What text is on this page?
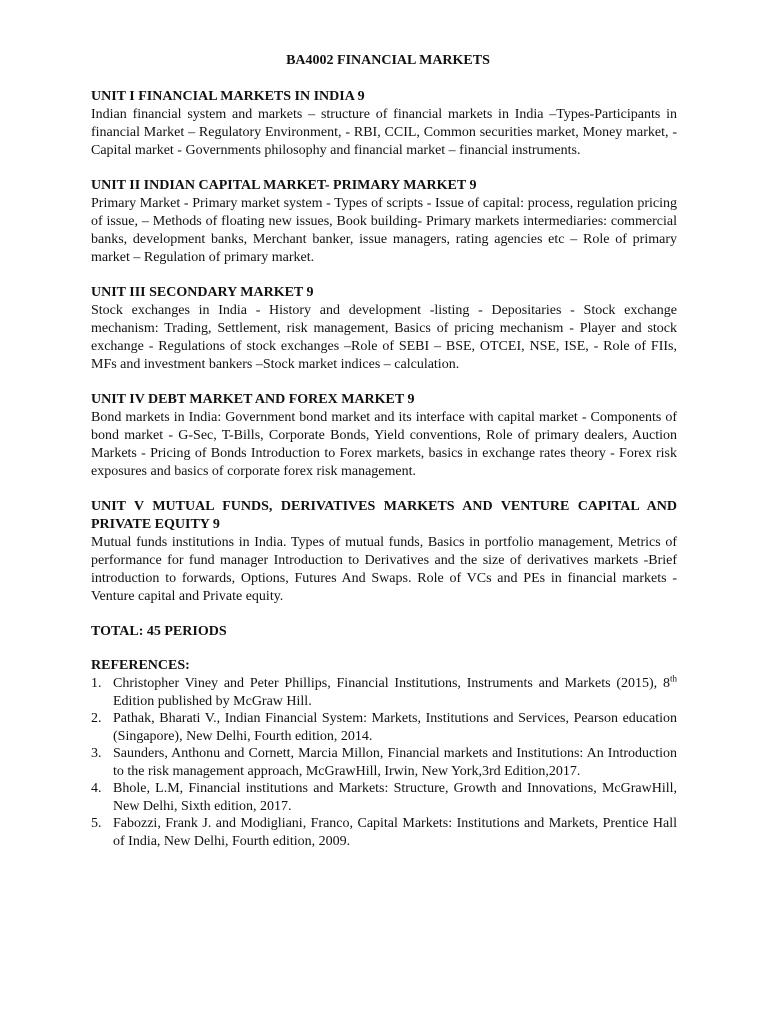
BA4002 FINANCIAL MARKETS

UNIT I FINANCIAL MARKETS IN INDIA 9

Indian financial system and markets – structure of financial markets in India –Types-Participants in financial Market – Regulatory Environment, - RBI, CCIL, Common securities market, Money market, - Capital market - Governments philosophy and financial market – financial instruments.

UNIT II INDIAN CAPITAL MARKET- PRIMARY MARKET 9

Primary Market - Primary market system - Types of scripts - Issue of capital: process, regulation pricing of issue, – Methods of floating new issues, Book building- Primary markets intermediaries: commercial banks, development banks, Merchant banker, issue managers, rating agencies etc – Role of primary market – Regulation of primary market.

UNIT III SECONDARY MARKET 9

Stock exchanges in India - History and development -listing - Depositaries - Stock exchange mechanism: Trading, Settlement, risk management, Basics of pricing mechanism - Player and stock exchange - Regulations of stock exchanges –Role of SEBI – BSE, OTCEI, NSE, ISE, - Role of FIIs, MFs and investment bankers –Stock market indices – calculation.

UNIT IV DEBT MARKET AND FOREX MARKET 9

Bond markets in India: Government bond market and its interface with capital market - Components of bond market - G-Sec, T-Bills, Corporate Bonds, Yield conventions, Role of primary dealers, Auction Markets - Pricing of Bonds Introduction to Forex markets, basics in exchange rates theory - Forex risk exposures and basics of corporate forex risk management.

UNIT V MUTUAL FUNDS, DERIVATIVES MARKETS AND VENTURE CAPITAL AND PRIVATE EQUITY 9

Mutual funds institutions in India. Types of mutual funds, Basics in portfolio management, Metrics of performance for fund manager Introduction to Derivatives and the size of derivatives markets -Brief introduction to forwards, Options, Futures And Swaps. Role of VCs and PEs in financial markets - Venture capital and Private equity.

TOTAL: 45 PERIODS

REFERENCES:

1. Christopher Viney and Peter Phillips, Financial Institutions, Instruments and Markets (2015), 8th Edition published by McGraw Hill.
2. Pathak, Bharati V., Indian Financial System: Markets, Institutions and Services, Pearson education (Singapore), New Delhi, Fourth edition, 2014.
3. Saunders, Anthonu and Cornett, Marcia Millon, Financial markets and Institutions: An Introduction to the risk management approach, McGrawHill, Irwin, New York,3rd Edition,2017.
4. Bhole, L.M, Financial institutions and Markets: Structure, Growth and Innovations, McGrawHill, New Delhi, Sixth edition, 2017.
5. Fabozzi, Frank J. and Modigliani, Franco, Capital Markets: Institutions and Markets, Prentice Hall of India, New Delhi, Fourth edition, 2009.
